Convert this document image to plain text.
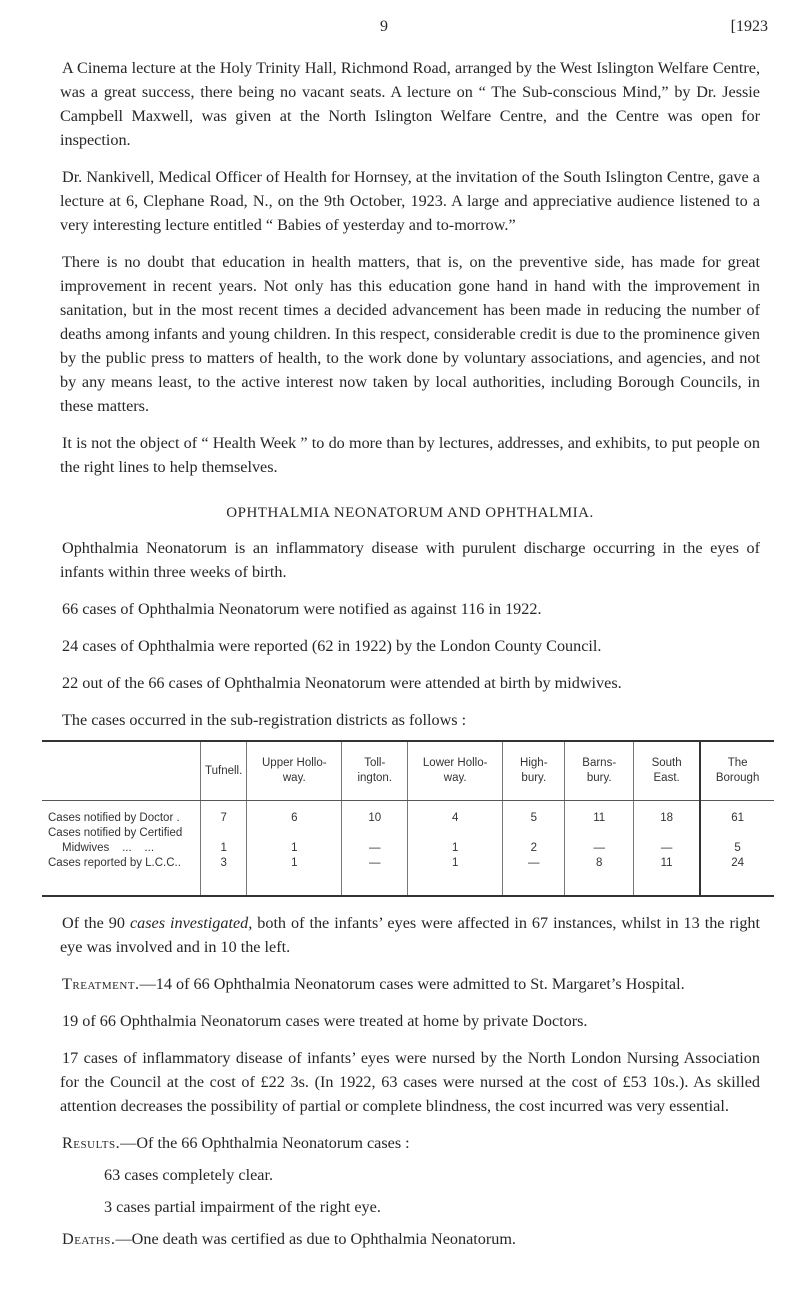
9	[1923

A Cinema lecture at the Holy Trinity Hall, Richmond Road, arranged by the West Islington Welfare Centre, was a great success, there being no vacant seats. A lecture on “ The Sub-conscious Mind,” by Dr. Jessie Campbell Maxwell, was given at the North Islington Welfare Centre, and the Centre was open for inspection.

Dr. Nankivell, Medical Officer of Health for Hornsey, at the invitation of the South Islington Centre, gave a lecture at 6, Clephane Road, N., on the 9th October, 1923. A large and appreciative audience listened to a very interesting lecture entitled “ Babies of yesterday and to-morrow.”

There is no doubt that education in health matters, that is, on the preventive side, has made for great improvement in recent years. Not only has this education gone hand in hand with the improvement in sanitation, but in the most recent times a decided advancement has been made in reducing the number of deaths among infants and young children. In this respect, considerable credit is due to the prominence given by the public press to matters of health, to the work done by voluntary associations, and agencies, and not by any means least, to the active interest now taken by local authorities, including Borough Councils, in these matters.

It is not the object of “ Health Week ” to do more than by lectures, addresses, and exhibits, to put people on the right lines to help themselves.

OPHTHALMIA NEONATORUM AND OPHTHALMIA.

Ophthalmia Neonatorum is an inflammatory disease with purulent discharge occurring in the eyes of infants within three weeks of birth.

66 cases of Ophthalmia Neonatorum were notified as against 116 in 1922.

24 cases of Ophthalmia were reported (62 in 1922) by the London County Council.

22 out of the 66 cases of Ophthalmia Neonatorum were attended at birth by midwives.

The cases occurred in the sub-registration districts as follows :

	Tufnell.	Upper Hollo- way.	Toll- ington.	Lower Hollo- way.	High- bury.	Barns- bury.	South East.	The Borough
Cases notified by Doctor .	7	6	10	4	5	11	18	61
Cases notified by Certified								
Midwives    ...    ...	1	1	—	1	2	—	—	5
Cases reported by L.C.C..	3	1	—	1	—	8	11	24

Of the 90 cases investigated, both of the infants’ eyes were affected in 67 instances, whilst in 13 the right eye was involved and in 10 the left.

Treatment.—14 of 66 Ophthalmia Neonatorum cases were admitted to St. Margaret’s Hospital.

19 of 66 Ophthalmia Neonatorum cases were treated at home by private Doctors.

17 cases of inflammatory disease of infants’ eyes were nursed by the North London Nursing Association for the Council at the cost of £22 3s. (In 1922, 63 cases were nursed at the cost of £53 10s.). As skilled attention decreases the possibility of partial or complete blindness, the cost incurred was very essential.

Results.—Of the 66 Ophthalmia Neonatorum cases :

63 cases completely clear.

3 cases partial impairment of the right eye.

Deaths.—One death was certified as due to Ophthalmia Neonatorum.
